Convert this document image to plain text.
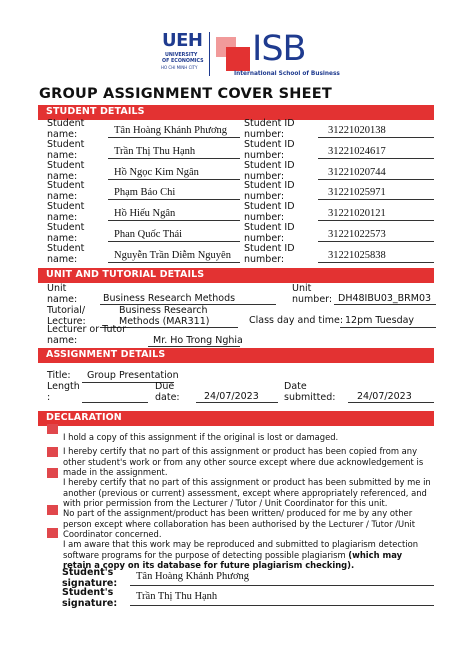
UEH
UNIVERSITY
OF ECONOMICS
HO CHI MINH CITY ISB
International School of Business
GROUP ASSIGNMENT COVER SHEET
STUDENT DETAILS
Student
name:	Tân Hoàng Khánh Phương
Student ID
number:	31221020138
Student
name:	Trần Thị Thu Hạnh
Student ID
number:	31221024617
Student
name:	Hồ Ngọc Kim Ngân
Student ID
number:	31221020744
Student
name:	Phạm Bảo Chi
Student ID
number:	31221025971
Student
name:	Hồ Hiếu Ngân
Student ID
number:	31221020121
Student
name:	Phan Quốc Thái
Student ID
number:	31221022573
Student
name:	Nguyễn Trần Diễm Nguyên
Student ID
number:	31221025838
UNIT AND TUTORIAL DETAILS
Unit
name:	Business Research Methods
Unit
number: DH48IBU03_BRM03
Tutorial/
Lecture:
Business Research
Methods (MAR311)	Class day and time: 12pm Tuesday
Lecturer or Tutor
name:	Mr. Ho Trong Nghia
ASSIGNMENT DETAILS
Title: Group Presentation
Length
:
Due
date:	24/07/2023
Date
submitted: 24/07/2023
DECLARATION
I hold a copy of this assignment if the original is lost or damaged.
I hereby certify that no part of this assignment or product has been copied from any other student's work or from any other source except where due acknowledgement is made in the assignment.
I hereby certify that no part of this assignment or product has been submitted by me in another (previous or current) assessment, except where appropriately referenced, and with prior permission from the Lecturer / Tutor / Unit Coordinator for this unit.
No part of the assignment/product has been written/ produced for me by any other person except where collaboration has been authorised by the Lecturer / Tutor /Unit Coordinator concerned.
I am aware that this work may be reproduced and submitted to plagiarism detection software programs for the purpose of detecting possible plagiarism (which may retain a copy on its database for future plagiarism checking).
Student's
signature:
Tân Hoàng Khánh Phương
Student's
signature:
Trần Thị Thu Hạnh
